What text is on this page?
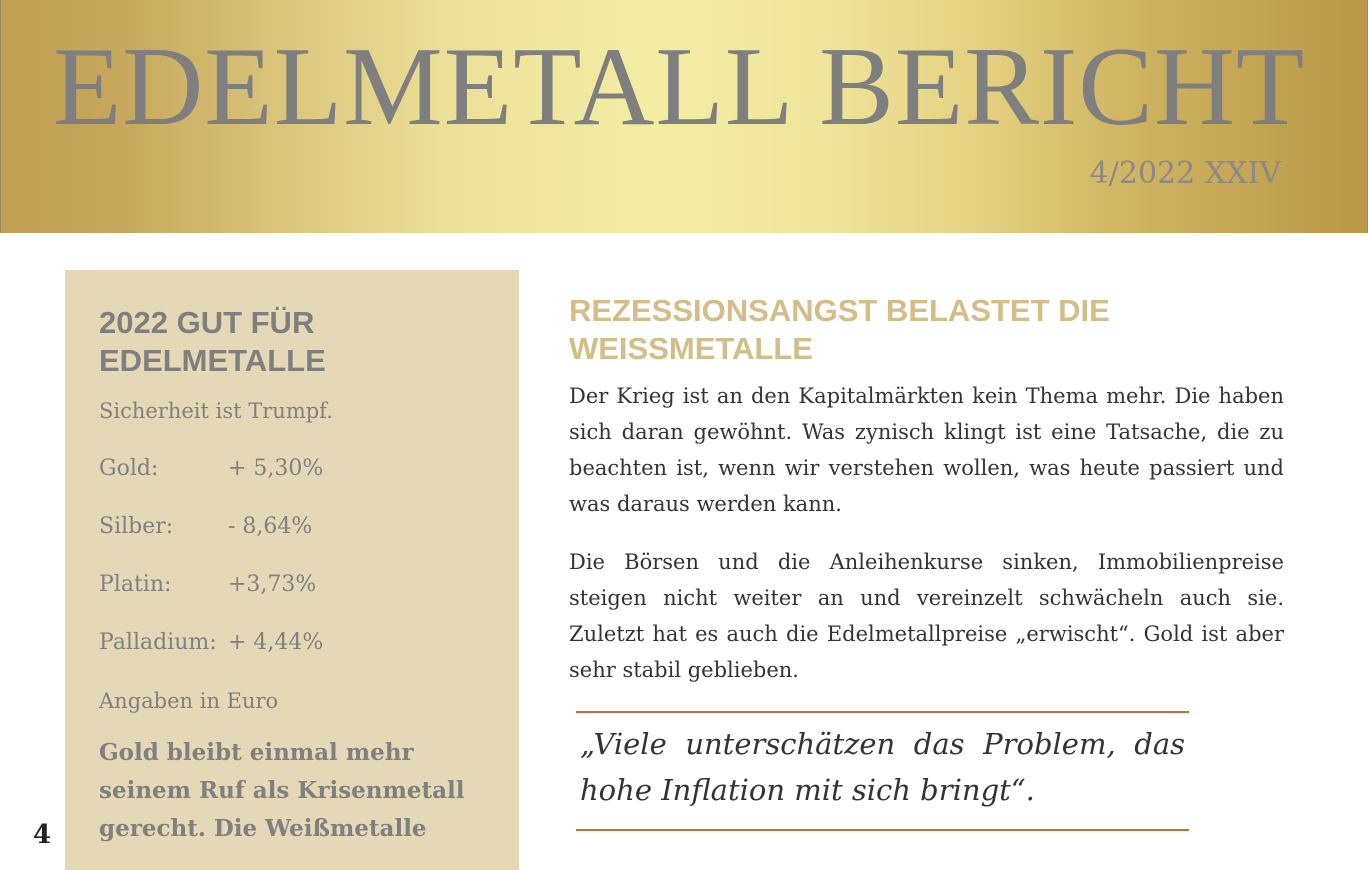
EDELMETALL BERICHT
4/2022 XXIV
2022 GUT FÜR EDELMETALLE
Sicherheit ist Trumpf.
Gold:	+ 5,30%
Silber:	- 8,64%
Platin:	+3,73%
Palladium: + 4,44%
Angaben in Euro
Gold bleibt einmal mehr seinem Ruf als Krisenmetall gerecht. Die Weißmetalle
4
REZESSIONSANGST BELASTET DIE WEISSMETALLE

Der Krieg ist an den Kapitalmärkten kein Thema mehr. Die haben sich daran gewöhnt. Was zynisch klingt ist eine Tatsache, die zu beachten ist, wenn wir verstehen wollen, was heute passiert und was daraus werden kann.

Die Börsen und die Anleihenkurse sinken, Immobilienpreise steigen nicht weiter an und vereinzelt schwächeln auch sie. Zuletzt hat es auch die Edelmetallpreise „erwischt“. Gold ist aber sehr stabil geblieben.

„Viele unterschätzen das Problem, das hohe Inflation mit sich bringt“.
